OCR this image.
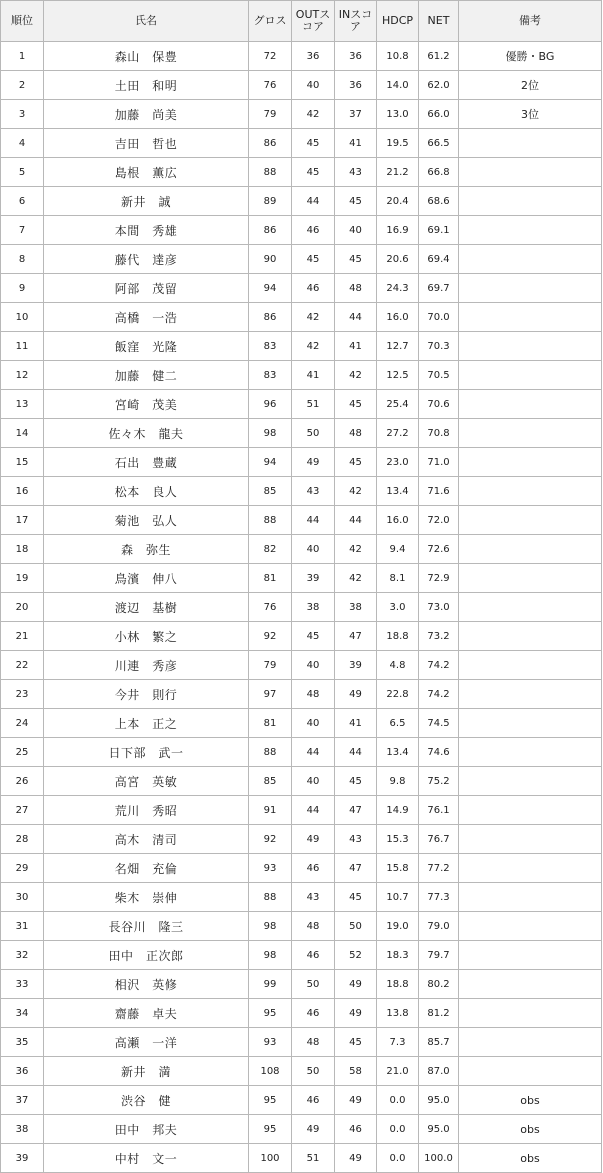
順位	氏名	グロス	OUTスコア	INスコア	HDCP	NET	備考
1	森山　保豊	72	36	36	10.8	61.2	優勝・BG
2	土田　和明	76	40	36	14.0	62.0	2位
3	加藤　尚美	79	42	37	13.0	66.0	3位
4	吉田　哲也	86	45	41	19.5	66.5	
5	島根　薫広	88	45	43	21.2	66.8	
6	新井　誠	89	44	45	20.4	68.6	
7	本間　秀雄	86	46	40	16.9	69.1	
8	藤代　達彦	90	45	45	20.6	69.4	
9	阿部　茂留	94	46	48	24.3	69.7	
10	高橋　一浩	86	42	44	16.0	70.0	
11	飯窪　光隆	83	42	41	12.7	70.3	
12	加藤　健二	83	41	42	12.5	70.5	
13	宮崎　茂美	96	51	45	25.4	70.6	
14	佐々木　龍夫	98	50	48	27.2	70.8	
15	石出　豊蔵	94	49	45	23.0	71.0	
16	松本　良人	85	43	42	13.4	71.6	
17	菊池　弘人	88	44	44	16.0	72.0	
18	森　弥生	82	40	42	9.4	72.6	
19	鳥濱　伸八	81	39	42	8.1	72.9	
20	渡辺　基樹	76	38	38	3.0	73.0	
21	小林　繁之	92	45	47	18.8	73.2	
22	川連　秀彦	79	40	39	4.8	74.2	
23	今井　則行	97	48	49	22.8	74.2	
24	上本　正之	81	40	41	6.5	74.5	
25	日下部　武一	88	44	44	13.4	74.6	
26	高宮　英敏	85	40	45	9.8	75.2	
27	荒川　秀昭	91	44	47	14.9	76.1	
28	高木　清司	92	49	43	15.3	76.7	
29	名畑　充倫	93	46	47	15.8	77.2	
30	柴木　崇伸	88	43	45	10.7	77.3	
31	長谷川　隆三	98	48	50	19.0	79.0	
32	田中　正次郎	98	46	52	18.3	79.7	
33	相沢　英修	99	50	49	18.8	80.2	
34	齋藤　卓夫	95	46	49	13.8	81.2	
35	高瀬　一洋	93	48	45	7.3	85.7	
36	新井　満	108	50	58	21.0	87.0	
37	渋谷　健	95	46	49	0.0	95.0	obs
38	田中　邦夫	95	49	46	0.0	95.0	obs
39	中村　文一	100	51	49	0.0	100.0	obs
